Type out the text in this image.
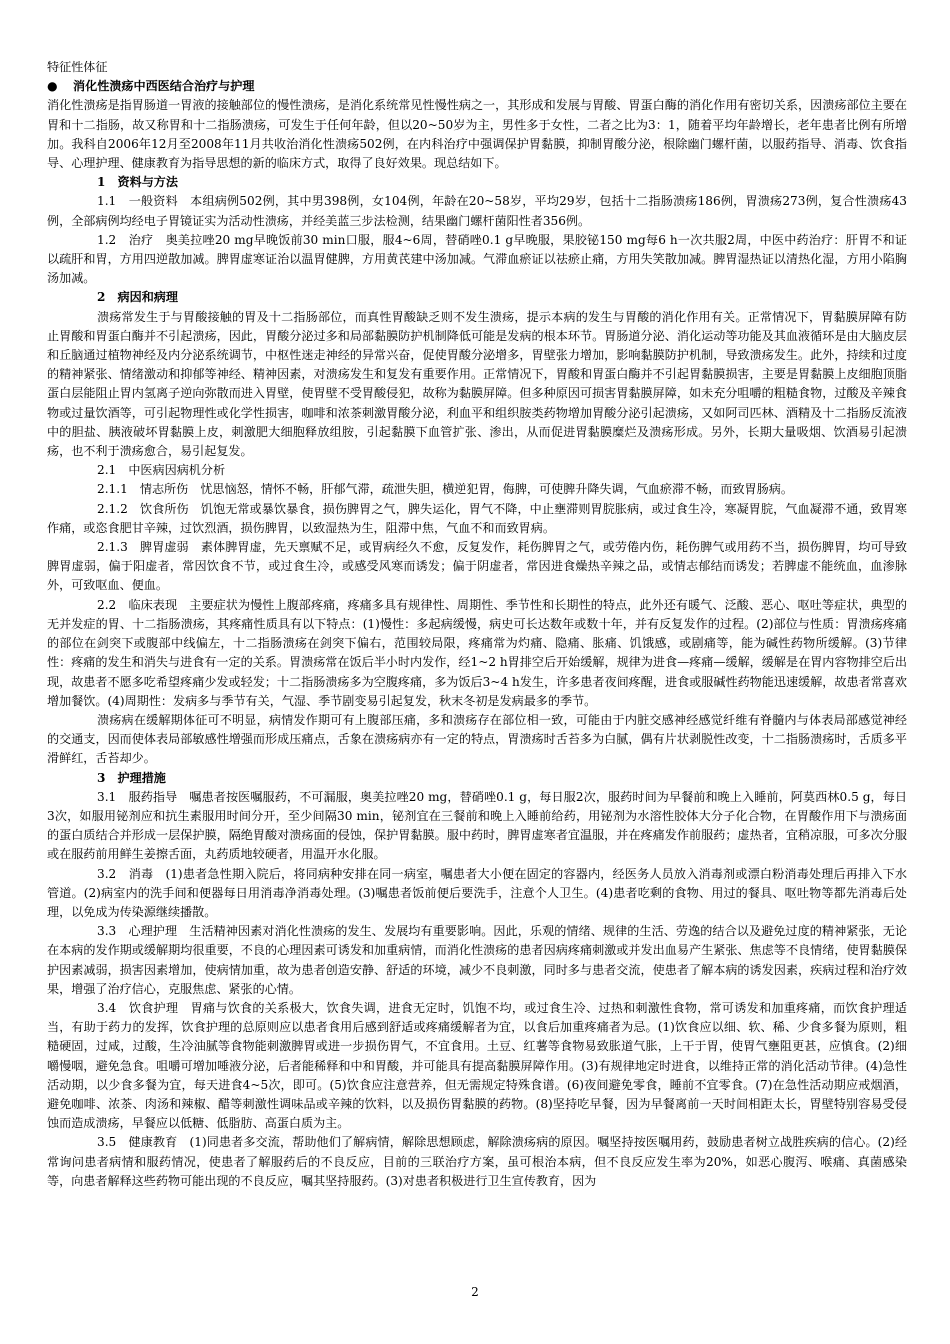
特征性体征

● 消化性溃疡中西医结合治疗与护理

消化性溃疡是指胃肠道一胃液的接触部位的慢性溃疡，是消化系统常见性慢性病之一，其形成和发展与胃酸、胃蛋白酶的消化作用有密切关系，因溃疡部位主要在胃和十二指肠，故又称胃和十二指肠溃疡，可发生于任何年龄，但以20~50岁为主，男性多于女性，二者之比为3：1，随着平均年龄增长，老年患者比例有所增加。我科自2006年12月至2008年11月共收治消化性溃疡502例，在内科治疗中强调保护胃黏膜，抑制胃酸分泌，根除幽门螺杆菌，以服药指导、消毒、饮食指导、心理护理、健康教育为指导思想的新的临床方式，取得了良好效果。现总结如下。

1　资料与方法

1.1　一般资料　本组病例502例，其中男398例，女104例，年龄在20~58岁，平均29岁，包括十二指肠溃疡186例，胃溃疡273例，复合性溃疡43例，全部病例均经电子胃镜证实为活动性溃疡，并经美蓝三步法检测，结果幽门螺杆菌阳性者356例。

1.2　治疗　奥美拉唑20 mg早晚饭前30 min口服，服4~6周，替硝唑0.1 g早晚服，果胶铋150 mg每6 h一次共服2周，中医中药治疗：肝胃不和证以疏肝和胃，方用四逆散加减。脾胃虚寒证治以温胃健脾，方用黄芪建中汤加减。气滞血瘀证以祛瘀止痛，方用失笑散加减。脾胃湿热证以清热化湿，方用小陷胸汤加减。

2　病因和病理

溃疡常发生于与胃酸接触的胃及十二指肠部位，而真性胃酸缺乏则不发生溃疡，提示本病的发生与胃酸的消化作用有关。正常情况下，胃黏膜屏障有防止胃酸和胃蛋白酶并不引起溃疡，因此，胃酸分泌过多和局部黏膜防护机制降低可能是发病的根本环节。胃肠道分泌、消化运动等功能及其血液循环是由大脑皮层和丘脑通过植物神经及内分泌系统调节，中枢性迷走神经的异常兴奋，促使胃酸分泌增多，胃壁张力增加，影响黏膜防护机制，导致溃疡发生。此外，持续和过度的精神紧张、情绪激动和抑郁等神经、精神因素，对溃疡发生和复发有重要作用。正常情况下，胃酸和胃蛋白酶并不引起胃黏膜损害，主要是胃黏膜上皮细胞顶脂蛋白层能阻止胃内氢离子逆向弥散而进入胃壁，使胃壁不受胃酸侵犯，故称为黏膜屏障。但多种原因可损害胃黏膜屏障，如未充分咀嚼的粗糙食物，过酸及辛辣食物或过量饮酒等，可引起物理性或化学性损害，咖啡和浓茶刺激胃酸分泌，利血平和组织胺类药物增加胃酸分泌引起溃疡，又如阿司匹林、酒精及十二指肠反流液中的胆盐、胰液破坏胃黏膜上皮，刺激肥大细胞释放组胺，引起黏膜下血管扩张、渗出，从而促进胃黏膜糜烂及溃疡形成。另外，长期大量吸烟、饮酒易引起溃疡，也不利于溃疡愈合，易引起复发。

2.1　中医病因病机分析

2.1.1　情志所伤　忧思恼怒，情怀不畅，肝郁气滞，疏泄失胆，横逆犯胃，侮脾，可使脾升降失调，气血瘀滞不畅，而致胃肠病。

2.1.2　饮食所伤　饥饱无常或暴饮暴食，损伤脾胃之气，脾失运化，胃气不降，中止壅滞则胃脘胀病，或过食生冷，寒凝胃脘，气血凝滞不通，致胃寒作痛，或恣食肥甘辛辣，过饮烈酒，损伤脾胃，以致湿热为生，阻滞中焦，气血不和而致胃病。

2.1.3　脾胃虚弱　素体脾胃虚，先天禀赋不足，或胃病经久不愈，反复发作，耗伤脾胃之气，或劳倦内伤，耗伤脾气或用药不当，损伤脾胃，均可导致脾胃虚弱，偏于阳虚者，常因饮食不节，或过食生冷，或感受风寒而诱发；偏于阴虚者，常因进食燥热辛辣之品，或情志郁结而诱发；若脾虚不能统血，血渗脉外，可致呕血、便血。

2.2　临床表现　主要症状为慢性上腹部疼痛，疼痛多具有规律性、周期性、季节性和长期性的特点，此外还有暖气、泛酸、恶心、呕吐等症状，典型的无并发症的胃、十二指肠溃疡，其疼痛性质具有以下特点：(1)慢性：多起病缓慢，病史可长达数年或数十年，并有反复发作的过程。(2)部位与性质：胃溃疡疼痛的部位在剑突下或腹部中线偏左，十二指肠溃疡在剑突下偏右，范围较局限，疼痛常为灼痛、隐痛、胀痛、饥饿感，或剧痛等，能为碱性药物所缓解。(3)节律性：疼痛的发生和消失与进食有一定的关系。胃溃疡常在饭后半小时内发作，经1~2 h胃排空后开始缓解，规律为进食—疼痛—缓解，缓解是在胃内容物排空后出现，故患者不愿多吃希望疼痛少发或轻发；十二指肠溃疡多为空腹疼痛，多为饭后3~4 h发生，许多患者夜间疼醒，进食或服碱性药物能迅速缓解，故患者常喜欢增加餐饮。(4)周期性：发病多与季节有关，气湿、季节剧变易引起复发，秋末冬初是发病最多的季节。

溃疡病在缓解期体征可不明显，病情发作期可有上腹部压痛，多和溃疡存在部位相一致，可能由于内脏交感神经感觉纤维有脊髓内与体表局部感觉神经的交通支，因而使体表局部敏感性增强而形成压痛点，舌象在溃疡病亦有一定的特点，胃溃疡时舌苔多为白腻，偶有片状剥脱性改变，十二指肠溃疡时，舌质多平滑鲜红，舌苔却少。

3　护理措施

3.1　服药指导　嘱患者按医嘱服药，不可漏服，奥美拉唑20 mg，替硝唑0.1 g，每日服2次，服药时间为早餐前和晚上入睡前，阿莫西林0.5 g，每日3次，如服用铋剂应和抗生素服用时间分开，至少间隔30 min，铋剂宜在三餐前和晚上入睡前给药，用铋剂为水溶性胶体大分子化合物，在胃酸作用下与溃疡面的蛋白质结合并形成一层保护膜，隔绝胃酸对溃疡面的侵蚀，保护胃黏膜。服中药时，脾胃虚寒者宜温服，并在疼痛发作前服药；虚热者，宜稍凉服，可多次分服或在服药前用鲜生姜擦舌面，丸药质地较硬者，用温开水化服。

3.2　消毒　(1)患者急性期入院后，将同病种安排在同一病室，嘱患者大小便在固定的容器内，经医务人员放入消毒剂或漂白粉消毒处理后再排入下水管道。(2)病室内的洗手间和便器每日用消毒净消毒处理。(3)嘱患者饭前便后要洗手，注意个人卫生。(4)患者吃剩的食物、用过的餐具、呕吐物等都先消毒后处理，以免成为传染源继续播散。

3.3　心理护理　生活精神因素对消化性溃疡的发生、发展均有重要影响。因此，乐观的情绪、规律的生活、劳逸的结合以及避免过度的精神紧张，无论在本病的发作期或缓解期均很重要，不良的心理因素可诱发和加重病情，而消化性溃疡的患者因病疼痛刺激或并发出血易产生紧张、焦虑等不良情绪，使胃黏膜保护因素减弱，损害因素增加，使病情加重，故为患者创造安静、舒适的环境，减少不良刺激，同时多与患者交流，使患者了解本病的诱发因素，疾病过程和治疗效果，增强了治疗信心，克服焦虑、紧张的心情。

3.4　饮食护理　胃痛与饮食的关系极大，饮食失调，进食无定时，饥饱不均，或过食生冷、过热和刺激性食物，常可诱发和加重疼痛，而饮食护理适当，有助于药力的发挥，饮食护理的总原则应以患者食用后感到舒适或疼痛缓解者为宜，以食后加重疼痛者为忌。(1)饮食应以细、软、稀、少食多餐为原则，粗糙硬固，过咸，过酸，生冷油腻等食物能刺激脾胃或进一步损伤胃气，不宜食用。土豆、红薯等食物易致胀道气胀，上干于胃，使胃气壅阻更甚，应慎食。(2)细嚼慢咽，避免急食。咀嚼可增加唾液分泌，后者能稀释和中和胃酸，并可能具有提高黏膜屏障作用。(3)有规律地定时进食，以维持正常的消化活动节律。(4)急性活动期，以少食多餐为宜，每天进食4~5次，即可。(5)饮食应注意营养，但无需规定特殊食谱。(6)夜间避免零食，睡前不宜零食。(7)在急性活动期应戒烟酒，避免咖啡、浓茶、肉汤和辣椒、醋等刺激性调味品或辛辣的饮料，以及损伤胃黏膜的药物。(8)坚持吃早餐，因为早餐离前一天时间相距太长，胃壁特别容易受侵蚀而造成溃疡，早餐应以低糖、低脂肪、高蛋白质为主。

3.5　健康教育　(1)同患者多交流，帮助他们了解病情，解除思想顾虑，解除溃疡病的原因。嘱坚持按医嘱用药，鼓励患者树立战胜疾病的信心。(2)经常询问患者病情和服药情况，使患者了解服药后的不良反应，目前的三联治疗方案，虽可根治本病，但不良反应发生率为20%，如恶心腹泻、喉痛、真菌感染等，向患者解释这些药物可能出现的不良反应，嘱其坚持服药。(3)对患者积极进行卫生宣传教育，因为

2
